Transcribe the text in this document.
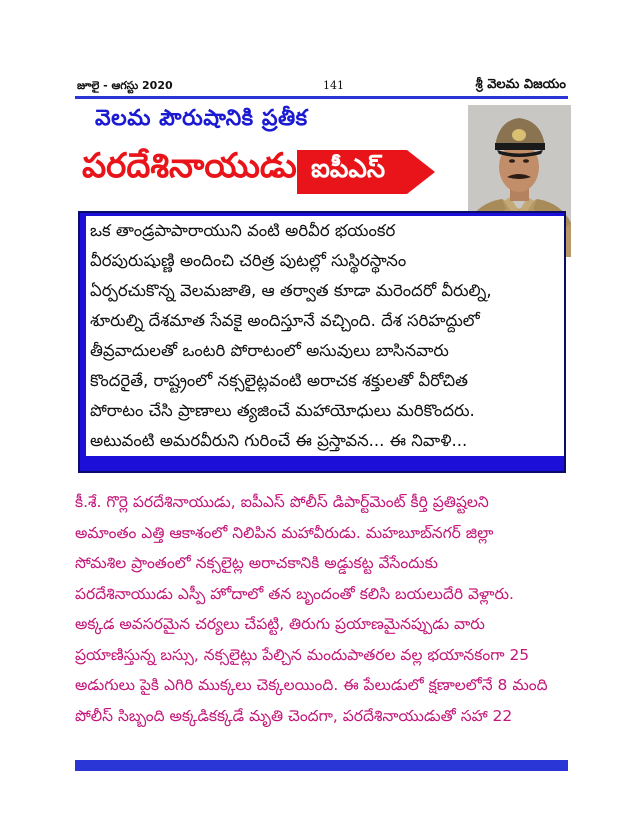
జూలై - ఆగస్టు 2020	141	శ్రీ వెలమ విజయం
వెలమ పౌరుషానికి ప్రతీక
పరదేశినాయుడు ఐపీఎస్
ఒక తాండ్రపాపారాయుని వంటి అరివీర భయంకర
వీరపురుషుణ్ణి అందించి చరిత్ర పుటల్లో సుస్థిరస్థానం
ఏర్పరచుకొన్న వెలమజాతి, ఆ తర్వాత కూడా మరెందరో వీరుల్ని,
శూరుల్ని దేశమాత సేవకై అందిస్తూనే వచ్చింది. దేశ సరిహద్దులో
తీవ్రవాదులతో ఒంటరి పోరాటంలో అసువులు బాసినవారు
కొందరైతే, రాష్ట్రంలో నక్సలైట్లవంటి అరాచక శక్తులతో వీరోచిత
పోరాటం చేసి ప్రాణాలు త్యజించే మహాయోధులు మరికొందరు.
అటువంటి అమరవీరుని గురించే ఈ ప్రస్తావన... ఈ నివాళి...
కీ.శే. గొర్లె పరదేశినాయుడు, ఐపీఎస్ పోలీస్ డిపార్ట్‌మెంట్ కీర్తి ప్రతిష్టలని
అమాంతం ఎత్తి ఆకాశంలో నిలిపిన మహావీరుడు. మహబూబ్‌నగర్ జిల్లా
సోమశిల ప్రాంతంలో నక్సలైట్ల అరాచకానికి అడ్డుకట్ట వేసేందుకు
పరదేశినాయుడు ఎస్పీ హోదాలో తన బృందంతో కలిసి బయలుదేరి వెళ్లారు.
అక్కడ అవసరమైన చర్యలు చేపట్టి, తిరుగు ప్రయాణమైనప్పుడు వారు
ప్రయాణిస్తున్న బస్సు, నక్సలైట్లు పేల్చిన మందుపాతరల వల్ల భయానకంగా 25
అడుగులు పైకి ఎగిరి ముక్కలు చెక్కలయింది. ఈ పేలుడులో క్షణాలలోనే 8 మంది
పోలీస్ సిబ్బంది అక్కడికక్కడే మృతి చెందగా, పరదేశినాయుడుతో సహా 22
